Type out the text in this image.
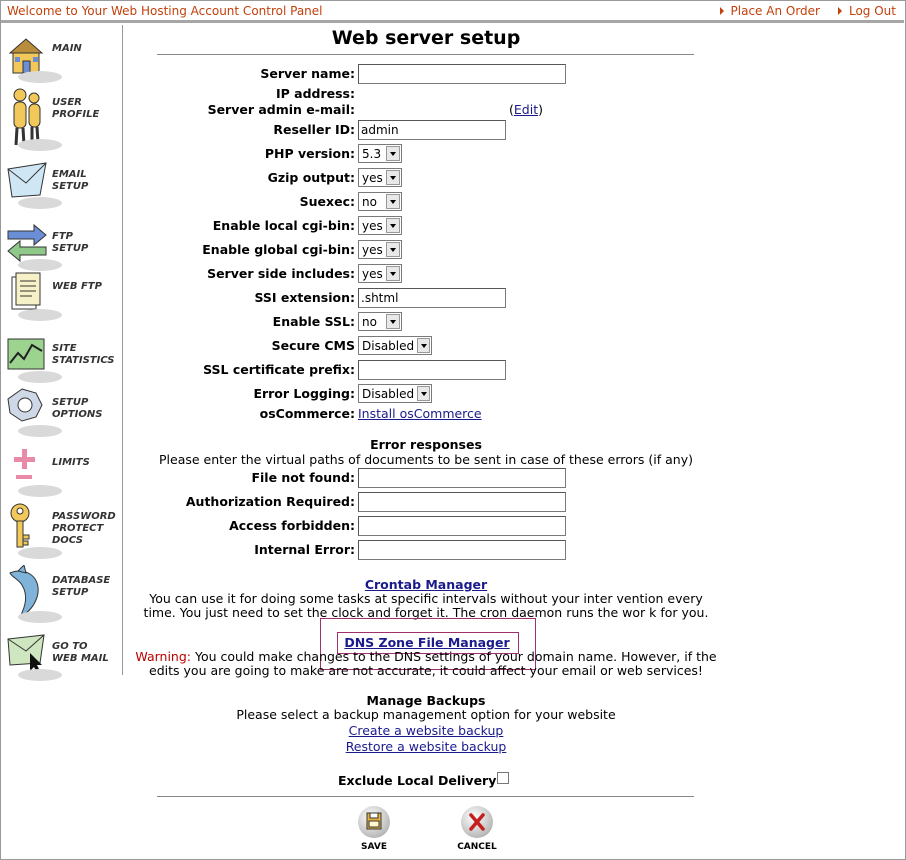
Welcome to Your Web Hosting Account Control Panel	Place An Order Log Out
MAIN
USER
PROFILE
EMAIL
SETUP
FTP
SETUP
WEB FTP
SITE
STATISTICS
SETUP
OPTIONS
LIMITS
PASSWORD
PROTECT
DOCS
DATABASE
SETUP
GO TO
WEB MAIL
Web server setup
Server name:
IP address:
Server admin e-mail:	(Edit)
Reseller ID:
admin
PHP version: 5.3
Gzip output: yes
Suexec: no
Enable local cgi-bin: yes
Enable global cgi-bin: yes
Server side includes: yes
SSI extension:
.shtml
Enable SSL: no
Secure CMS Disabled
SSL certificate prefix:
Error Logging: Disabled
osCommerce: Install osCommerce
Error responses
Please enter the virtual paths of documents to be sent in case of these errors (if any)
File not found:
Authorization Required:
Access forbidden:
Internal Error:
Crontab Manager
You can use it for doing some tasks at specific intervals without your inter vention every
time. You just need to set the clock and forget it. The cron daemon runs the wor k for you.
DNS Zone File Manager
Warning: You could make changes to the DNS settings of your domain name. However, if the
edits you are going to make are not accurate, it could affect your email or web services!
Manage Backups
Please select a backup management option for your website
Create a website backup
Restore a website backup
Exclude Local Delivery
SAVE	CANCEL
